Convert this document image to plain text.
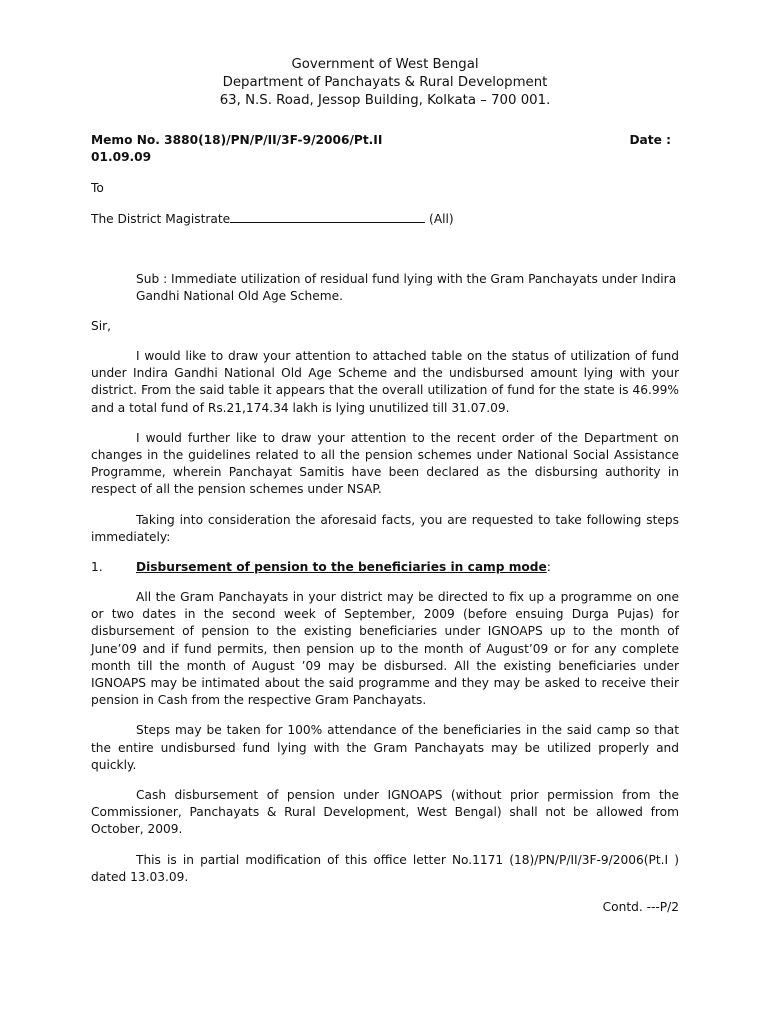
Government of West Bengal
Department of Panchayats & Rural Development
63, N.S. Road, Jessop Building, Kolkata – 700 001.
Memo No. 3880(18)/PN/P/II/3F-9/2006/Pt.II	Date :
01.09.09
To
The District Magistrate	(All)
Sub : Immediate utilization of residual fund lying with the Gram Panchayats under Indira Gandhi National Old Age Scheme.
Sir,
I would like to draw your attention to attached table on the status of utilization of fund under Indira Gandhi National Old Age Scheme and the undisbursed amount lying with your district. From the said table it appears that the overall utilization of fund for the state is 46.99% and a total fund of Rs.21,174.34 lakh is lying unutilized till 31.07.09.
I would further like to draw your attention to the recent order of the Department on changes in the guidelines related to all the pension schemes under National Social Assistance Programme, wherein Panchayat Samitis have been declared as the disbursing authority in respect of all the pension schemes under NSAP.
Taking into consideration the aforesaid facts, you are requested to take following steps immediately:
1.	Disbursement of pension to the beneficiaries in camp mode:
All the Gram Panchayats in your district may be directed to fix up a programme on one or two dates in the second week of September, 2009 (before ensuing Durga Pujas) for disbursement of pension to the existing beneficiaries under IGNOAPS up to the month of June’09 and if fund permits, then pension up to the month of August’09 or for any complete month till the month of August ’09 may be disbursed. All the existing beneficiaries under IGNOAPS may be intimated about the said programme and they may be asked to receive their pension in Cash from the respective Gram Panchayats.
Steps may be taken for 100% attendance of the beneficiaries in the said camp so that the entire undisbursed fund lying with the Gram Panchayats may be utilized properly and quickly.
Cash disbursement of pension under IGNOAPS (without prior permission from the Commissioner, Panchayats & Rural Development, West Bengal) shall not be allowed from October, 2009.
This is in partial modification of this office letter No.1171 (18)/PN/P/II/3F-9/2006(Pt.I ) dated 13.03.09.
Contd. ---P/2
